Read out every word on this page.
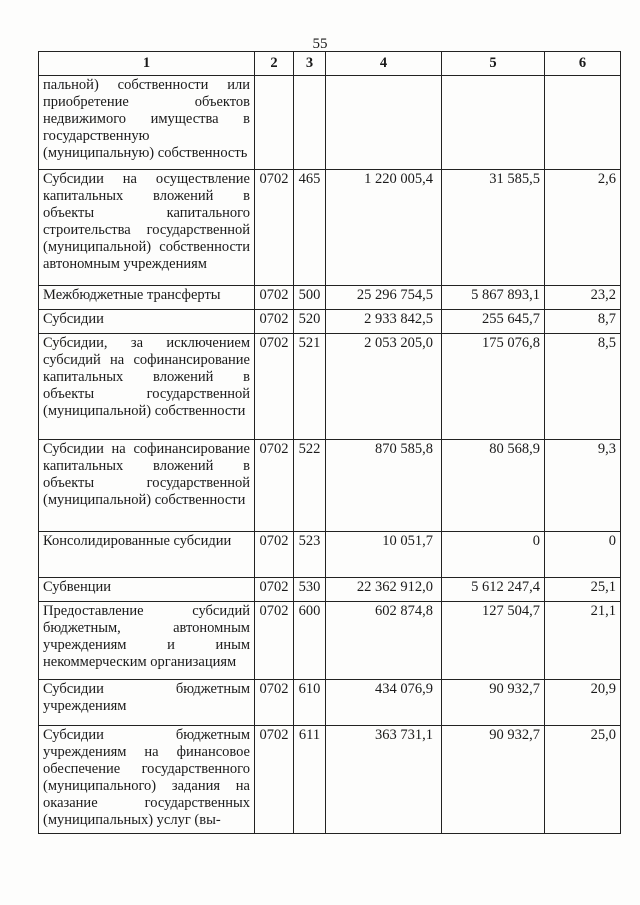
55
1	2	3	4	5	6
пальной) собственности или приобретение объектов недвижимого имущества в государственную (муниципальную) собственность					
Субсидии на осуществление капитальных вложений в объекты капитального строительства государственной (муниципальной) собственности автономным учреждениям	0702	465	1 220 005,4	31 585,5	2,6
Межбюджетные трансферты	0702	500	25 296 754,5	5 867 893,1	23,2
Субсидии	0702	520	2 933 842,5	255 645,7	8,7
Субсидии, за исключением субсидий на софинансирование капитальных вложений в объекты государственной (муниципальной) собственности	0702	521	2 053 205,0	175 076,8	8,5
Субсидии на софинансирование капитальных вложений в объекты государственной (муниципальной) собственности	0702	522	870 585,8	80 568,9	9,3
Консолидированные субсидии	0702	523	10 051,7	0	0
Субвенции	0702	530	22 362 912,0	5 612 247,4	25,1
Предоставление субсидий бюджетным, автономным учреждениям и иным некоммерческим организациям	0702	600	602 874,8	127 504,7	21,1
Субсидии бюджетным учреждениям	0702	610	434 076,9	90 932,7	20,9
Субсидии бюджетным учреждениям на финансовое обеспечение государственного (муниципального) задания на оказание государственных (муниципальных) услуг (вы-	0702	611	363 731,1	90 932,7	25,0
